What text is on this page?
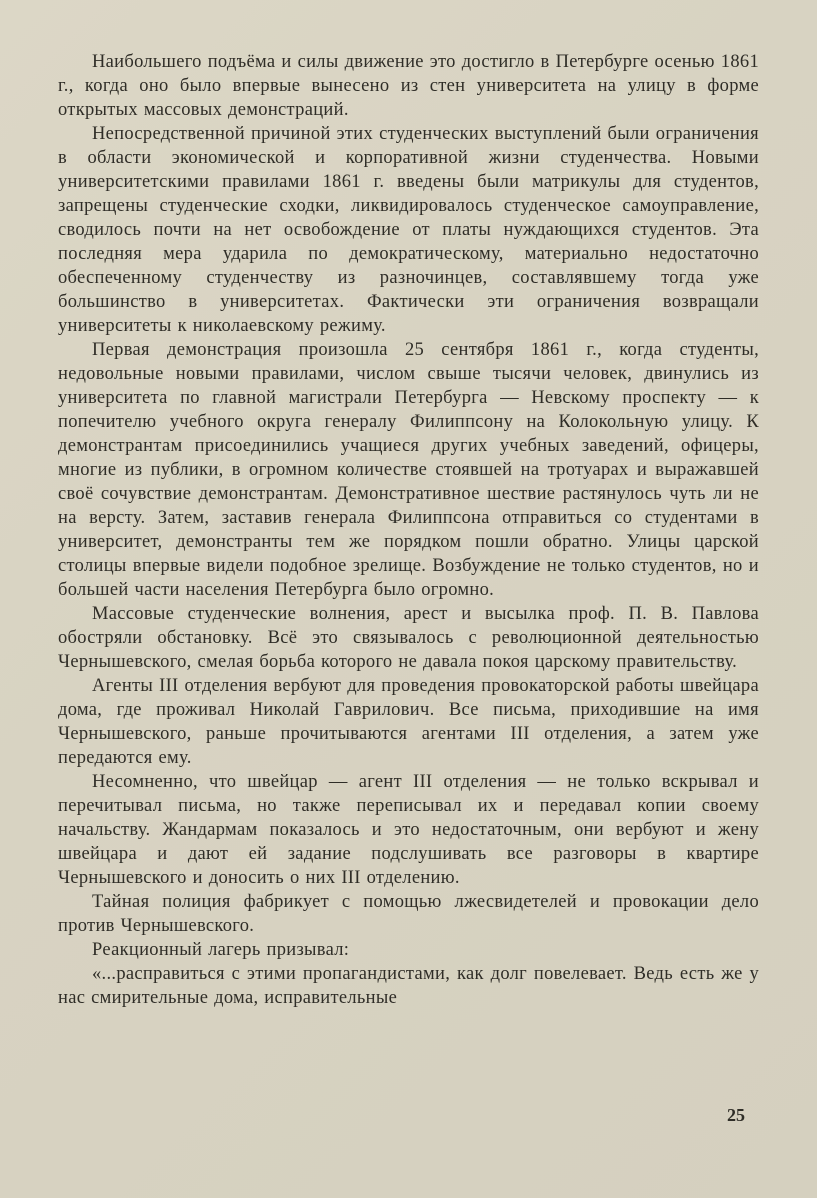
Наибольшего подъёма и силы движение это достигло в Петербурге осенью 1861 г., когда оно было впервые вынесено из стен университета на улицу в форме открытых массовых демонстраций.

Непосредственной причиной этих студенческих выступлений были ограничения в области экономической и корпоративной жизни студенчества. Новыми университетскими правилами 1861 г. введены были матрикулы для студентов, запрещены студенческие сходки, ликвидировалось студенческое самоуправление, сводилось почти на нет освобождение от платы нуждающихся студентов. Эта последняя мера ударила по демократическому, материально недостаточно обеспеченному студенчеству из разночинцев, составлявшему тогда уже большинство в университетах. Фактически эти ограничения возвращали университеты к николаевскому режиму.

Первая демонстрация произошла 25 сентября 1861 г., когда студенты, недовольные новыми правилами, числом свыше тысячи человек, двинулись из университета по главной магистрали Петербурга — Невскому проспекту — к попечителю учебного округа генералу Филиппсону на Колокольную улицу. К демонстрантам присоединились учащиеся других учебных заведений, офицеры, многие из публики, в огромном количестве стоявшей на тротуарах и выражавшей своё сочувствие демонстрантам. Демонстративное шествие растянулось чуть ли не на версту. Затем, заставив генерала Филиппсона отправиться со студентами в университет, демонстранты тем же порядком пошли обратно. Улицы царской столицы впервые видели подобное зрелище. Возбуждение не только студентов, но и большей части населения Петербурга было огромно.

Массовые студенческие волнения, арест и высылка проф. П. В. Павлова обостряли обстановку. Всё это связывалось с революционной деятельностью Чернышевского, смелая борьба которого не давала покоя царскому правительству.

Агенты III отделения вербуют для проведения провокаторской работы швейцара дома, где проживал Николай Гаврилович. Все письма, приходившие на имя Чернышевского, раньше прочитываются агентами III отделения, а затем уже передаются ему.

Несомненно, что швейцар — агент III отделения — не только вскрывал и перечитывал письма, но также переписывал их и передавал копии своему начальству. Жандармам показалось и это недостаточным, они вербуют и жену швейцара и дают ей задание подслушивать все разговоры в квартире Чернышевского и доносить о них III отделению.

Тайная полиция фабрикует с помощью лжесвидетелей и провокации дело против Чернышевского.

Реакционный лагерь призывал:

«...расправиться с этими пропагандистами, как долг повелевает. Ведь есть же у нас смирительные дома, исправительные

25
